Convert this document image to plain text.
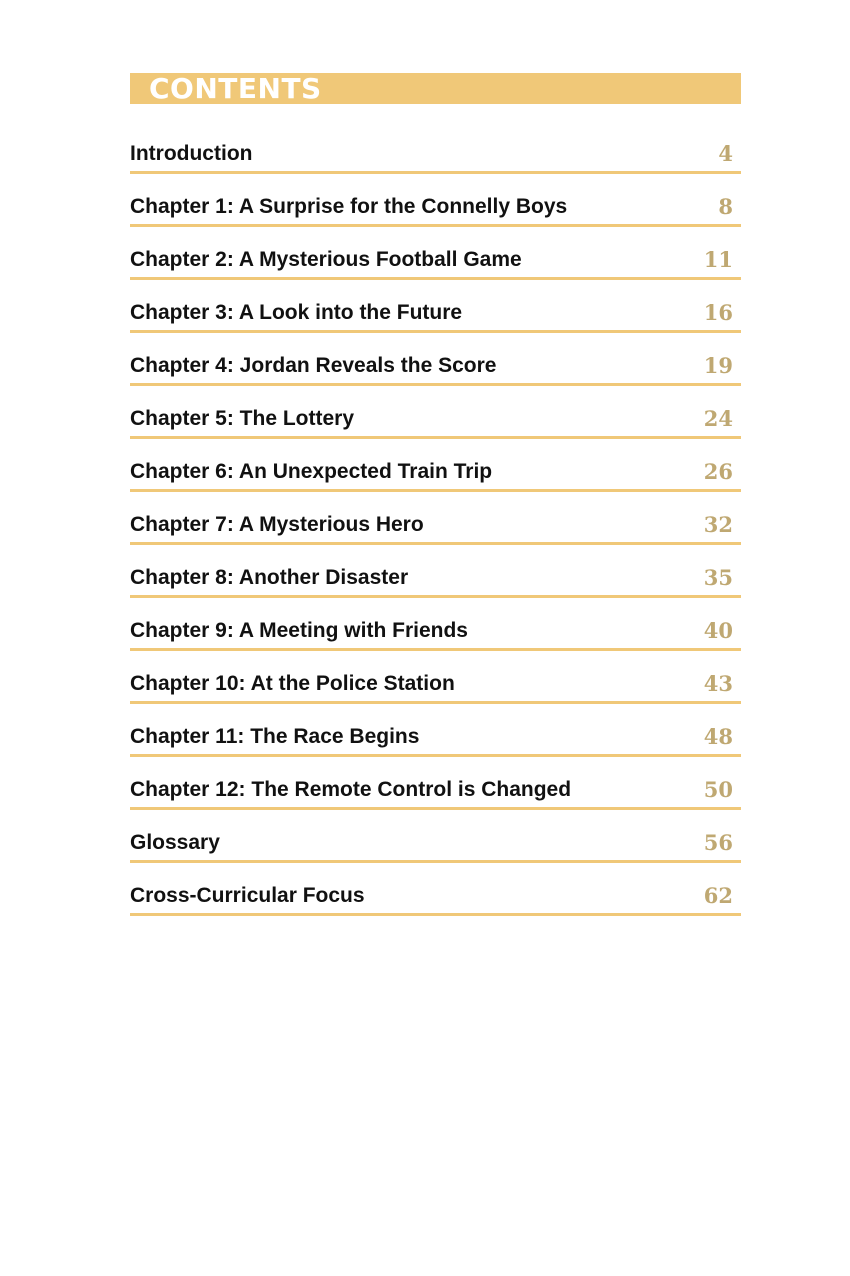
CONTENTS
Introduction	4
Chapter 1: A Surprise for the Connelly Boys	8
Chapter 2: A Mysterious Football Game	11
Chapter 3: A Look into the Future	16
Chapter 4: Jordan Reveals the Score	19
Chapter 5: The Lottery	24
Chapter 6: An Unexpected Train Trip	26
Chapter 7: A Mysterious Hero	32
Chapter 8: Another Disaster	35
Chapter 9: A Meeting with Friends	40
Chapter 10: At the Police Station	43
Chapter 11: The Race Begins	48
Chapter 12: The Remote Control is Changed	50
Glossary	56
Cross-Curricular Focus	62
